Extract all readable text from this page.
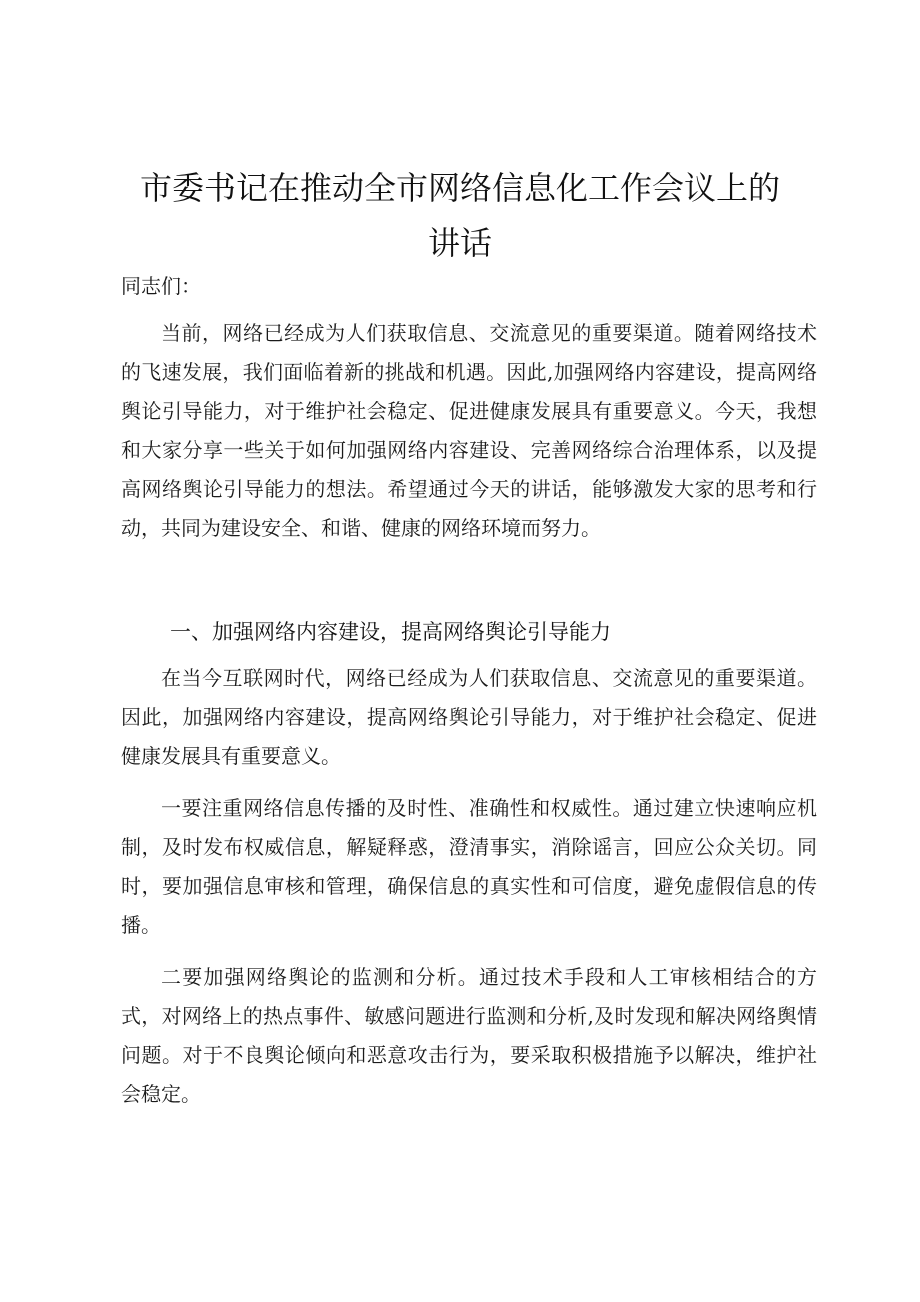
市委书记在推动全市网络信息化工作会议上的
讲话
同志们：

当前，网络已经成为人们获取信息、交流意见的重要渠道。随着网络技术的飞速发展，我们面临着新的挑战和机遇。因此,加强网络内容建设，提高网络舆论引导能力，对于维护社会稳定、促进健康发展具有重要意义。今天，我想和大家分享一些关于如何加强网络内容建设、完善网络综合治理体系，以及提高网络舆论引导能力的想法。希望通过今天的讲话，能够激发大家的思考和行动，共同为建设安全、和谐、健康的网络环境而努力。

一、加强网络内容建设，提高网络舆论引导能力

在当今互联网时代，网络已经成为人们获取信息、交流意见的重要渠道。因此，加强网络内容建设，提高网络舆论引导能力，对于维护社会稳定、促进健康发展具有重要意义。

一要注重网络信息传播的及时性、准确性和权威性。通过建立快速响应机制，及时发布权威信息，解疑释惑，澄清事实，消除谣言，回应公众关切。同时，要加强信息审核和管理，确保信息的真实性和可信度，避免虚假信息的传播。

二要加强网络舆论的监测和分析。通过技术手段和人工审核相结合的方式，对网络上的热点事件、敏感问题进行监测和分析,及时发现和解决网络舆情问题。对于不良舆论倾向和恶意攻击行为，要采取积极措施予以解决，维护社会稳定。
